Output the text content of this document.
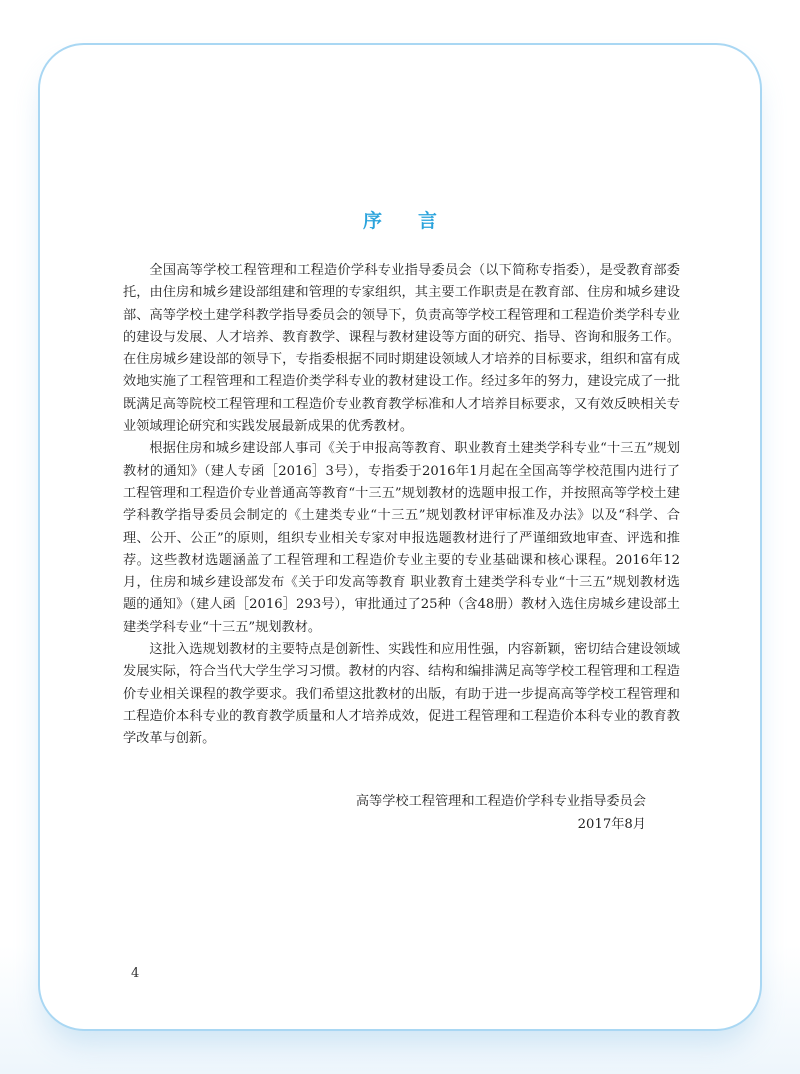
序言

全国高等学校工程管理和工程造价学科专业指导委员会（以下简称专指委），是受教育部委托，由住房和城乡建设部组建和管理的专家组织，其主要工作职责是在教育部、住房和城乡建设部、高等学校土建学科教学指导委员会的领导下，负责高等学校工程管理和工程造价类学科专业的建设与发展、人才培养、教育教学、课程与教材建设等方面的研究、指导、咨询和服务工作。在住房城乡建设部的领导下，专指委根据不同时期建设领域人才培养的目标要求，组织和富有成效地实施了工程管理和工程造价类学科专业的教材建设工作。经过多年的努力，建设完成了一批既满足高等院校工程管理和工程造价专业教育教学标准和人才培养目标要求，又有效反映相关专业领域理论研究和实践发展最新成果的优秀教材。

根据住房和城乡建设部人事司《关于申报高等教育、职业教育土建类学科专业“十三五”规划教材的通知》（建人专函［2016］3号），专指委于2016年1月起在全国高等学校范围内进行了工程管理和工程造价专业普通高等教育“十三五”规划教材的选题申报工作，并按照高等学校土建学科教学指导委员会制定的《土建类专业“十三五”规划教材评审标准及办法》以及“科学、合理、公开、公正”的原则，组织专业相关专家对申报选题教材进行了严谨细致地审查、评选和推荐。这些教材选题涵盖了工程管理和工程造价专业主要的专业基础课和核心课程。2016年12月，住房和城乡建设部发布《关于印发高等教育 职业教育土建类学科专业“十三五”规划教材选题的通知》（建人函［2016］293号），审批通过了25种（含48册）教材入选住房城乡建设部土建类学科专业“十三五”规划教材。

这批入选规划教材的主要特点是创新性、实践性和应用性强，内容新颖，密切结合建设领域发展实际，符合当代大学生学习习惯。教材的内容、结构和编排满足高等学校工程管理和工程造价专业相关课程的教学要求。我们希望这批教材的出版，有助于进一步提高高等学校工程管理和工程造价本科专业的教育教学质量和人才培养成效，促进工程管理和工程造价本科专业的教育教学改革与创新。

高等学校工程管理和工程造价学科专业指导委员会
2017年8月
4
